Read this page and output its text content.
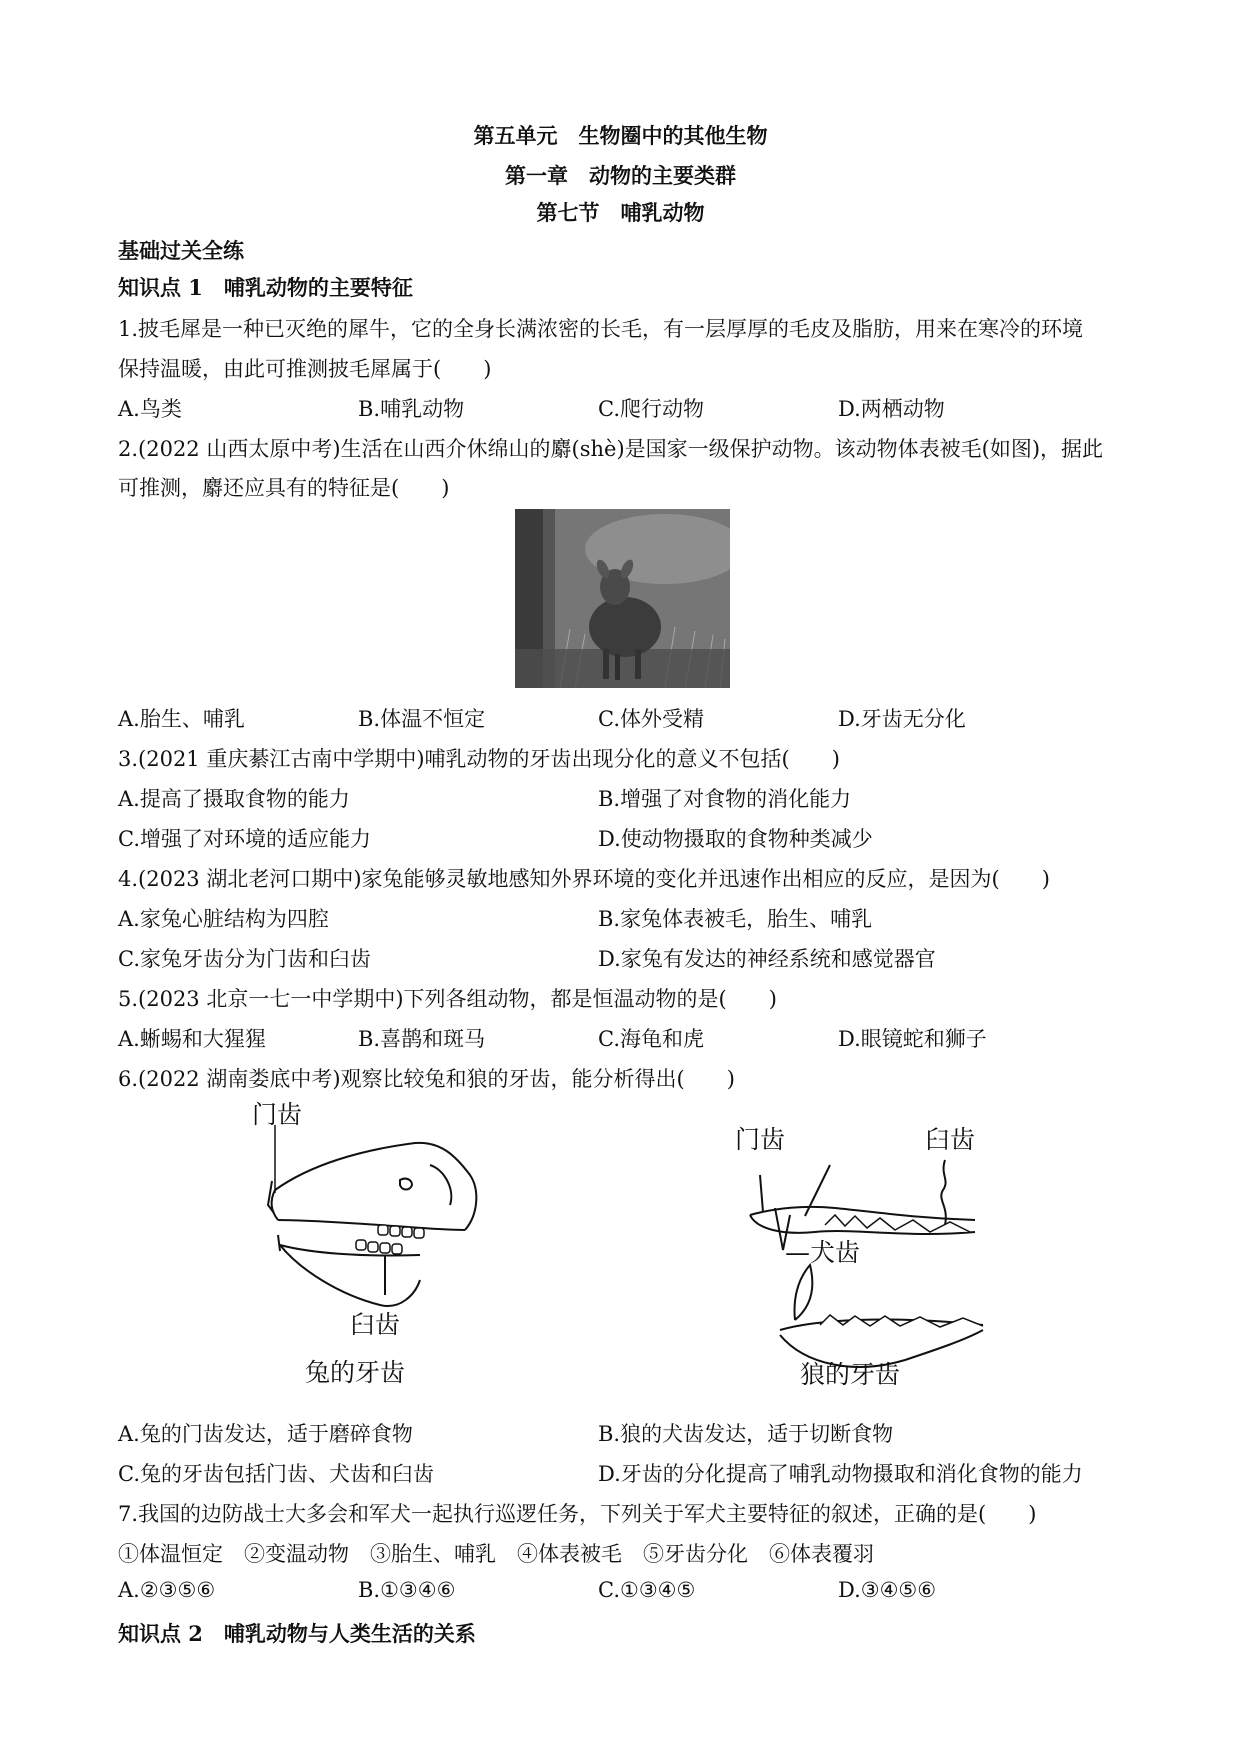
第五单元　生物圈中的其他生物
第一章　动物的主要类群
第七节　哺乳动物
基础过关全练
知识点 1　哺乳动物的主要特征
1.披毛犀是一种已灭绝的犀牛，它的全身长满浓密的长毛，有一层厚厚的毛皮及脂肪，用来在寒冷的环境
保持温暖，由此可推测披毛犀属于(　　)
A.鸟类	B.哺乳动物	C.爬行动物	D.两栖动物
2.(2022 山西太原中考)生活在山西介休绵山的麝(shè)是国家一级保护动物。该动物体表被毛(如图)，据此
可推测，麝还应具有的特征是(　　)
A.胎生、哺乳	B.体温不恒定	C.体外受精	D.牙齿无分化
3.(2021 重庆綦江古南中学期中)哺乳动物的牙齿出现分化的意义不包括(　　)
A.提高了摄取食物的能力	B.增强了对食物的消化能力
C.增强了对环境的适应能力	D.使动物摄取的食物种类减少
4.(2023 湖北老河口期中)家兔能够灵敏地感知外界环境的变化并迅速作出相应的反应，是因为(　　)
A.家兔心脏结构为四腔	B.家兔体表被毛，胎生、哺乳
C.家兔牙齿分为门齿和臼齿	D.家兔有发达的神经系统和感觉器官
5.(2023 北京一七一中学期中)下列各组动物，都是恒温动物的是(　　)
A.蜥蜴和大猩猩	B.喜鹊和斑马	C.海龟和虎	D.眼镜蛇和狮子
6.(2022 湖南娄底中考)观察比较兔和狼的牙齿，能分析得出(　　)
门齿
臼齿
兔的牙齿
门齿	臼齿
—犬齿
狼的牙齿
A.兔的门齿发达，适于磨碎食物	B.狼的犬齿发达，适于切断食物
C.兔的牙齿包括门齿、犬齿和臼齿	D.牙齿的分化提高了哺乳动物摄取和消化食物的能力
7.我国的边防战士大多会和军犬一起执行巡逻任务，下列关于军犬主要特征的叙述，正确的是(　　)
①体温恒定　②变温动物　③胎生、哺乳　④体表被毛　⑤牙齿分化　⑥体表覆羽
A.②③⑤⑥	B.①③④⑥	C.①③④⑤	D.③④⑤⑥
知识点 2　哺乳动物与人类生活的关系
